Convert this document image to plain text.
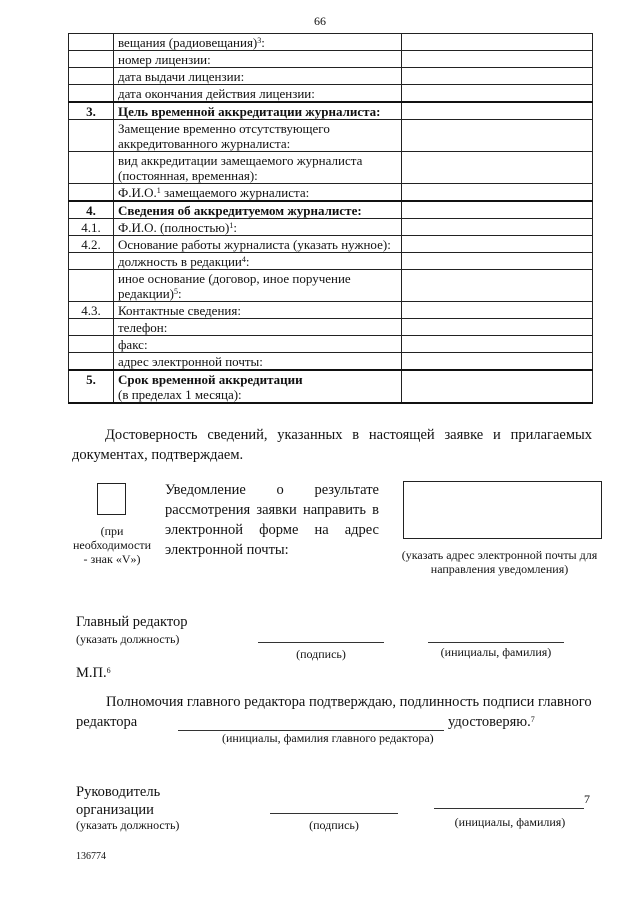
66
	вещания (радиовещания)$^3$:	
	номер лицензии:	
	дата выдачи лицензии:	
	дата окончания действия лицензии:	
3.	Цель временной аккредитации журналиста:	
	Замещение временно отсутствующего аккредитованного журналиста:	
	вид аккредитации замещаемого журналиста (постоянная, временная):	
	Ф.И.О.$^1$ замещаемого журналиста:	
4.	Сведения об аккредитуемом журналисте:	
4.1.	Ф.И.О. (полностью)$^1$:	
4.2.	Основание работы журналиста (указать нужное):	
	должность в редакции$^4$:	
	иное основание (договор, иное поручение редакции)$^5$:	
4.3.	Контактные сведения:	
	телефон:	
	факс:	
	адрес электронной почты:	
5.	Срок временной аккредитации
(в пределах 1 месяца):	

Достоверность сведений, указанных в настоящей заявке и прилагаемых документах, подтверждаем.
(при необходимости - знак «V»)
Уведомление о результате рассмотрения заявки направить в электронной форме на адрес электронной почты:	(указать адрес электронной почты для направления уведомления)
Главный редактор
(указать должность)
(подпись)	(инициалы, фамилия)
М.П.$^6$
Полномочия главного редактора подтверждаю, подлинность подписи главного редактора	удостоверяю.$^7$
(инициалы, фамилия главного редактора)
Руководитель
организации
(указать должность)	(подпись)
7
(инициалы, фамилия)
136774
